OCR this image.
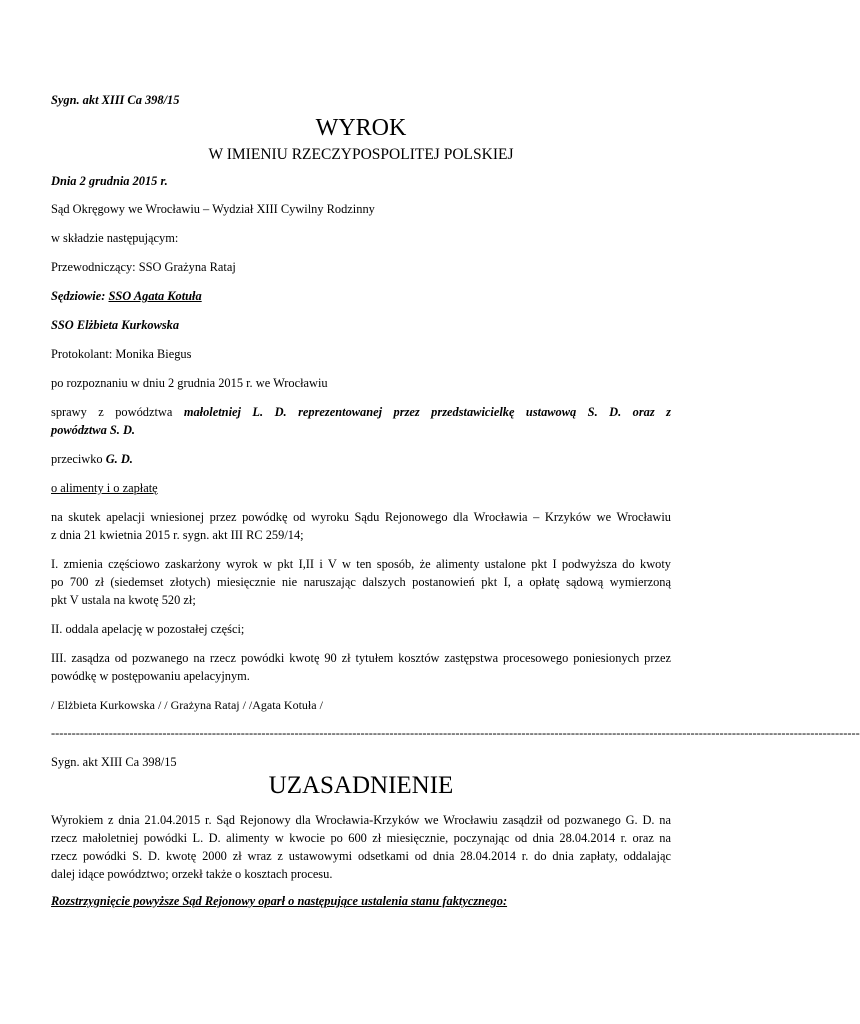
Sygn. akt XIII Ca 398/15
WYROK
W IMIENIU RZECZYPOSPOLITEJ POLSKIEJ
Dnia 2 grudnia 2015 r.
Sąd Okręgowy we Wrocławiu – Wydział XIII Cywilny Rodzinny
w składzie następującym:
Przewodniczący: SSO Grażyna Rataj
Sędziowie: SSO Agata Kotuła
SSO Elżbieta Kurkowska
Protokolant: Monika Biegus
po rozpoznaniu w dniu 2 grudnia 2015 r. we Wrocławiu
sprawy z powództwa małoletniej L. D. reprezentowanej przez przedstawicielkę ustawową S. D. oraz z
powództwa S. D.
przeciwko G. D.
o alimenty i o zapłatę
na skutek apelacji wniesionej przez powódkę od wyroku Sądu Rejonowego dla Wrocławia – Krzyków we Wrocławiu
z dnia 21 kwietnia 2015 r. sygn. akt III RC 259/14;
I. zmienia częściowo zaskarżony wyrok w pkt I,II i V w ten sposób, że alimenty ustalone pkt I podwyższa do kwoty
po 700 zł (siedemset złotych) miesięcznie nie naruszając dalszych postanowień pkt I, a opłatę sądową wymierzoną
pkt V ustala na kwotę 520 zł;
II. oddala apelację w pozostałej części;
III. zasądza od pozwanego na rzecz powódki kwotę 90 zł tytułem kosztów zastępstwa procesowego poniesionych przez
powódkę w postępowaniu apelacyjnym.
/ Elżbieta Kurkowska / / Grażyna Rataj / /Agata Kotuła /
----------------------------------------------------------------------------------------------------------------------------------------------------------------------------------------------------
Sygn. akt XIII Ca 398/15
UZASADNIENIE
Wyrokiem z dnia 21.04.2015 r. Sąd Rejonowy dla Wrocławia-Krzyków we Wrocławiu zasądził od pozwanego G. D. na
rzecz małoletniej powódki L. D. alimenty w kwocie po 600 zł miesięcznie, poczynając od dnia 28.04.2014 r. oraz na
rzecz powódki S. D. kwotę 2000 zł wraz z ustawowymi odsetkami od dnia 28.04.2014 r. do dnia zapłaty, oddalając
dalej idące powództwo; orzekł także o kosztach procesu.
Rozstrzygnięcie powyższe Sąd Rejonowy oparł o następujące ustalenia stanu faktycznego:
